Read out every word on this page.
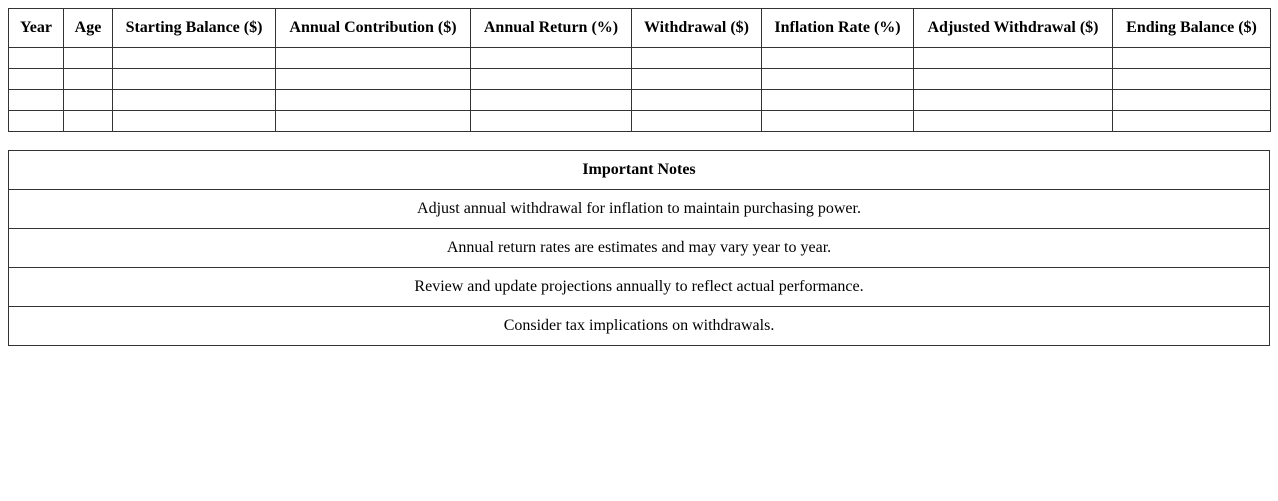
Year	Age	Starting Balance ($)	Annual Contribution ($)	Annual Return (%)	Withdrawal ($)	Inflation Rate (%)	Adjusted Withdrawal ($)	Ending Balance ($)

Important Notes
Adjust annual withdrawal for inflation to maintain purchasing power.
Annual return rates are estimates and may vary year to year.
Review and update projections annually to reflect actual performance.
Consider tax implications on withdrawals.
